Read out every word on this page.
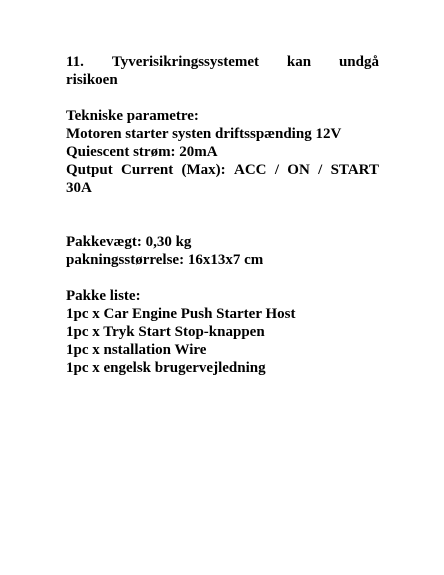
11. Tyverisikringssystemet kan undgå
risikoen
Tekniske parametre:
Motoren starter systen driftsspænding 12V
Quiescent strøm: 20mA
Qutput Current (Max): ACC / ON / START
30A
Pakkevægt: 0,30 kg
pakningsstørrelse: 16x13x7 cm
Pakke liste:
1pc x Car Engine Push Starter Host
1pc x Tryk Start Stop-knappen
1pc x nstallation Wire
1pc x engelsk brugervejledning
